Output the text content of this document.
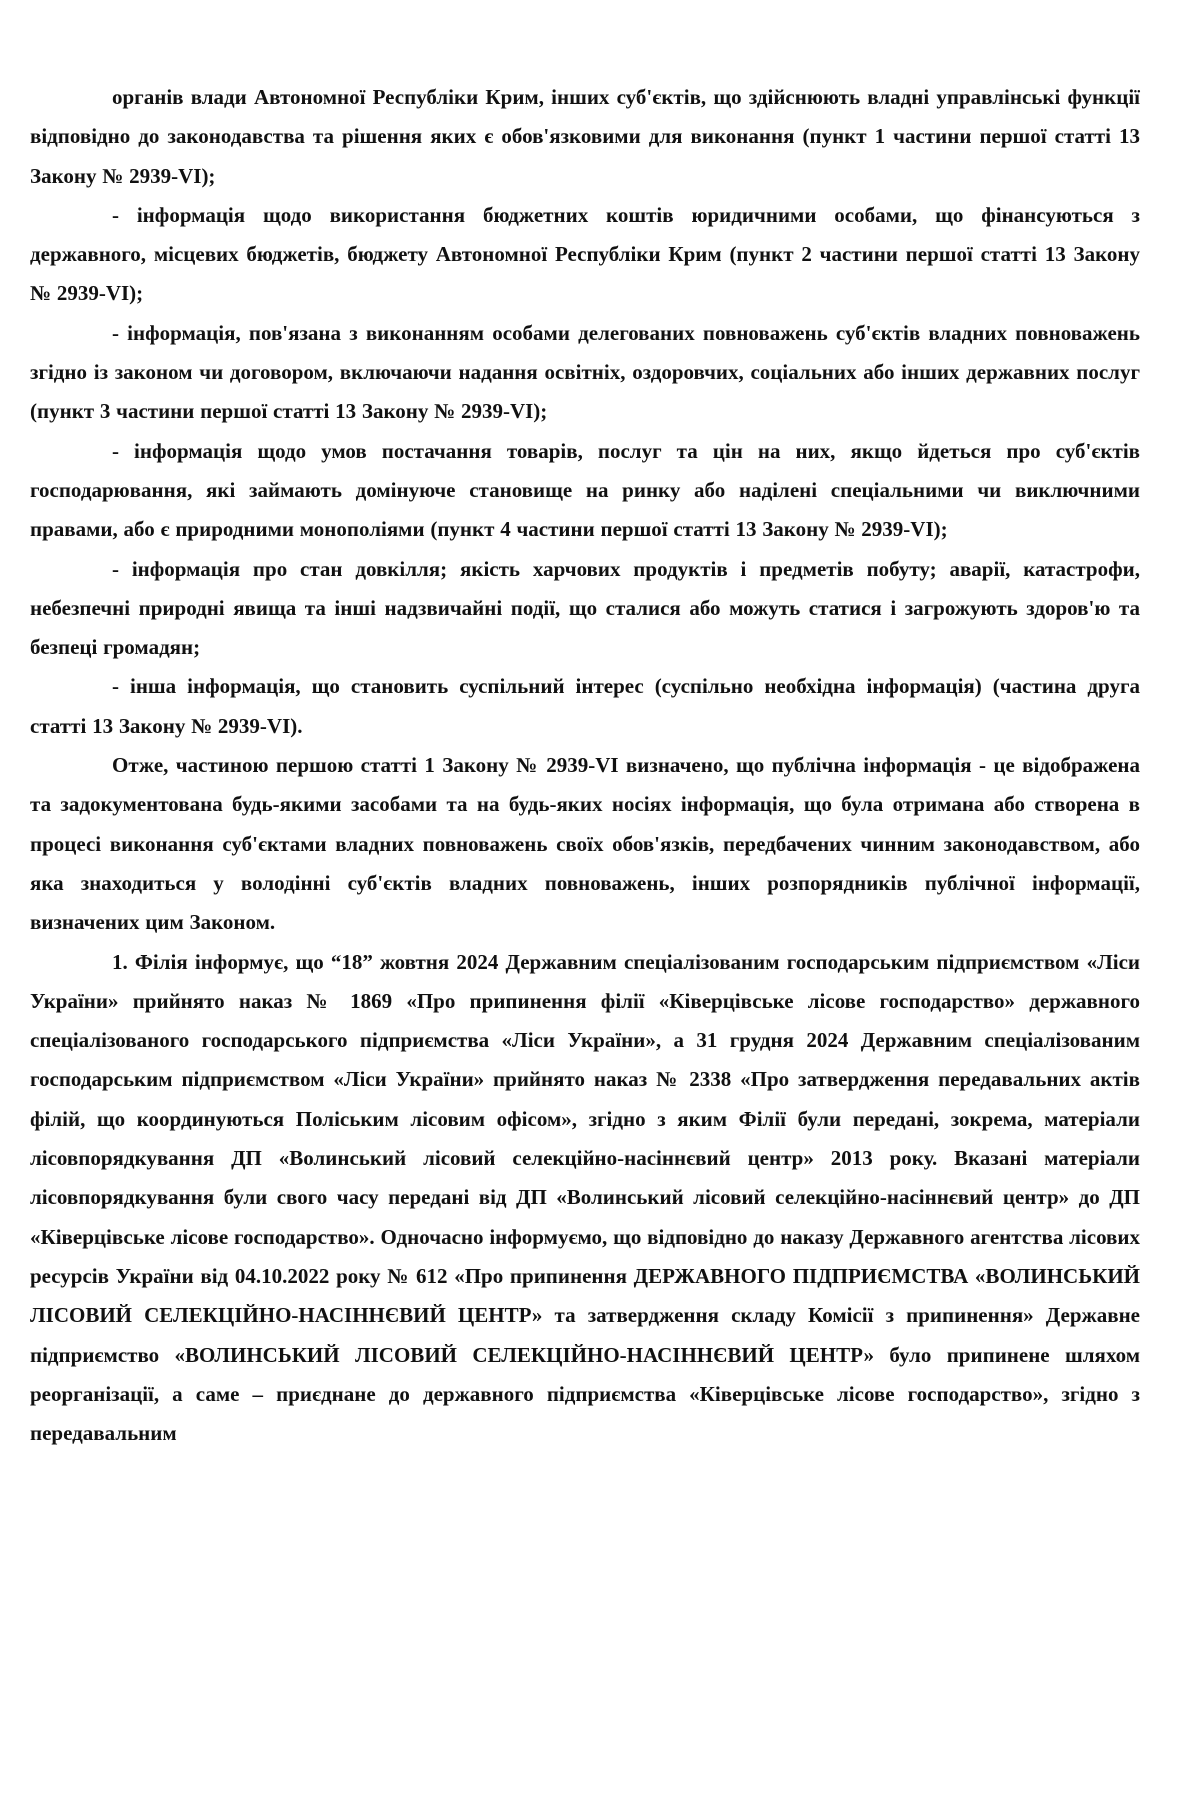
органів влади Автономної Республіки Крим, інших суб'єктів, що здійснюють владні управлінські функції відповідно до законодавства та рішення яких є обов'язковими для виконання (пункт 1 частини першої статті 13 Закону № 2939-VI);

- інформація щодо використання бюджетних коштів юридичними особами, що фінансуються з державного, місцевих бюджетів, бюджету Автономної Республіки Крим (пункт 2 частини першої статті 13 Закону № 2939-VI);

- інформація, пов'язана з виконанням особами делегованих повноважень суб'єктів владних повноважень згідно із законом чи договором, включаючи надання освітніх, оздоровчих, соціальних або інших державних послуг (пункт 3 частини першої статті 13 Закону № 2939-VI);

- інформація щодо умов постачання товарів, послуг та цін на них, якщо йдеться про суб'єктів господарювання, які займають домінуюче становище на ринку або наділені спеціальними чи виключними правами, або є природними монополіями (пункт 4 частини першої статті 13 Закону № 2939-VI);

- інформація про стан довкілля; якість харчових продуктів і предметів побуту; аварії, катастрофи, небезпечні природні явища та інші надзвичайні події, що сталися або можуть статися і загрожують здоров'ю та безпеці громадян;

- інша інформація, що становить суспільний інтерес (суспільно необхідна інформація) (частина друга статті 13 Закону № 2939-VI).

Отже, частиною першою статті 1 Закону № 2939-VI визначено, що публічна інформація - це відображена та задокументована будь-якими засобами та на будь-яких носіях інформація, що була отримана або створена в процесі виконання суб'єктами владних повноважень своїх обов'язків, передбачених чинним законодавством, або яка знаходиться у володінні суб'єктів владних повноважень, інших розпорядників публічної інформації, визначених цим Законом.

1. Філія інформує, що “18” жовтня 2024 Державним спеціалізованим господарським підприємством «Ліси України» прийнято наказ № 1869 «Про припинення філії «Ківерцівське лісове господарство» державного спеціалізованого господарського підприємства «Ліси України», а 31 грудня 2024 Державним спеціалізованим господарським підприємством «Ліси України» прийнято наказ № 2338 «Про затвердження передавальних актів філій, що координуються Поліським лісовим офісом», згідно з яким Філії були передані, зокрема, матеріали лісовпорядкування ДП «Волинський лісовий селекційно-насіннєвий центр» 2013 року. Вказані матеріали лісовпорядкування були свого часу передані від ДП «Волинський лісовий селекційно-насіннєвий центр» до ДП «Ківерцівське лісове господарство». Одночасно інформуємо, що відповідно до наказу Державного агентства лісових ресурсів України від 04.10.2022 року № 612 «Про припинення ДЕРЖАВНОГО ПІДПРИЄМСТВА «ВОЛИНСЬКИЙ ЛІСОВИЙ СЕЛЕКЦІЙНО-НАСІННЄВИЙ ЦЕНТР» та затвердження складу Комісії з припинення» Державне підприємство «ВОЛИНСЬКИЙ ЛІСОВИЙ СЕЛЕКЦІЙНО-НАСІННЄВИЙ ЦЕНТР» було припинене шляхом реорганізації, а саме – приєднане до державного підприємства «Ківерцівське лісове господарство», згідно з передавальним
